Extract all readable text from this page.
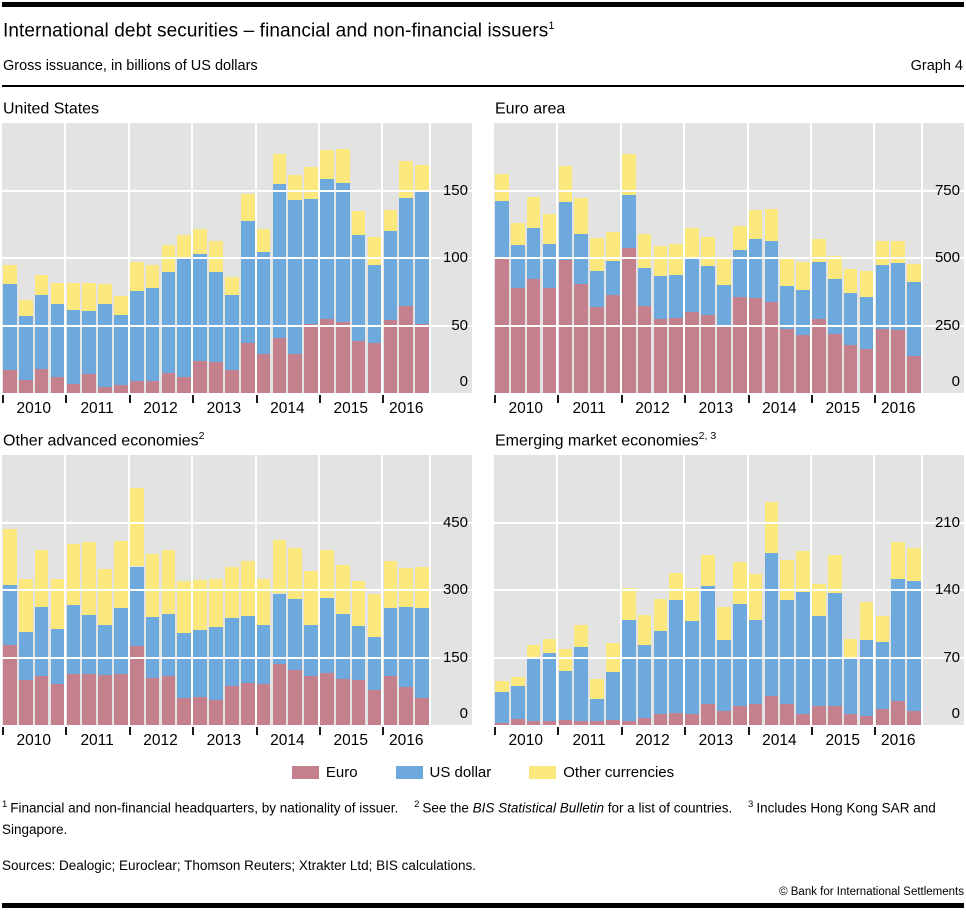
International debt securities – financial and non-financial issuers$^1$
Gross issuance, in billions of US dollars	Graph 4
United States
0
50
100
150
2010 2011 2012 2013 2014 2015 2016
Euro area
0
250
500
750
2010 2011 2012 2013 2014 2015 2016
Other advanced economies$^2$
0
150
300
450
2010 2011 2012 2013 2014 2015 2016
Emerging market economies$^{2, 3}$
0
70
140
210
2010 2011 2012 2013 2014 2015 2016
Euro	US dollar	Other currencies

$^1$ Financial and non-financial headquarters, by nationality of issuer. $^2$ See the BIS Statistical Bulletin for a list of countries. $^3$ Includes Hong Kong SAR and Singapore.

Sources: Dealogic; Euroclear; Thomson Reuters; Xtrakter Ltd; BIS calculations.
© Bank for International Settlements
